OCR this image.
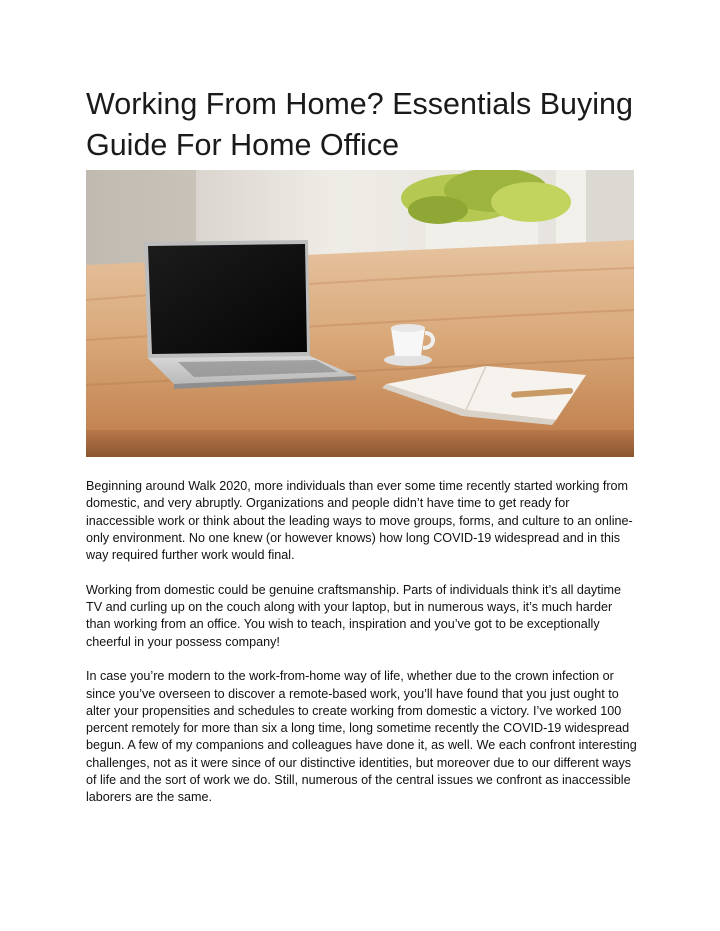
Working From Home? Essentials Buying Guide For Home Office

Beginning around Walk 2020, more individuals than ever some time recently started working from domestic, and very abruptly. Organizations and people didn’t have time to get ready for inaccessible work or think about the leading ways to move groups, forms, and culture to an online-only environment. No one knew (or however knows) how long COVID-19 widespread and in this way required further work would final.

Working from domestic could be genuine craftsmanship. Parts of individuals think it’s all daytime TV and curling up on the couch along with your laptop, but in numerous ways, it’s much harder than working from an office. You wish to teach, inspiration and you’ve got to be exceptionally cheerful in your possess company!

In case you’re modern to the work-from-home way of life, whether due to the crown infection or since you’ve overseen to discover a remote-based work, you’ll have found that you just ought to alter your propensities and schedules to create working from domestic a victory. I’ve worked 100 percent remotely for more than six a long time, long sometime recently the COVID-19 widespread begun. A few of my companions and colleagues have done it, as well. We each confront interesting challenges, not as it were since of our distinctive identities, but moreover due to our different ways of life and the sort of work we do. Still, numerous of the central issues we confront as inaccessible laborers are the same.
